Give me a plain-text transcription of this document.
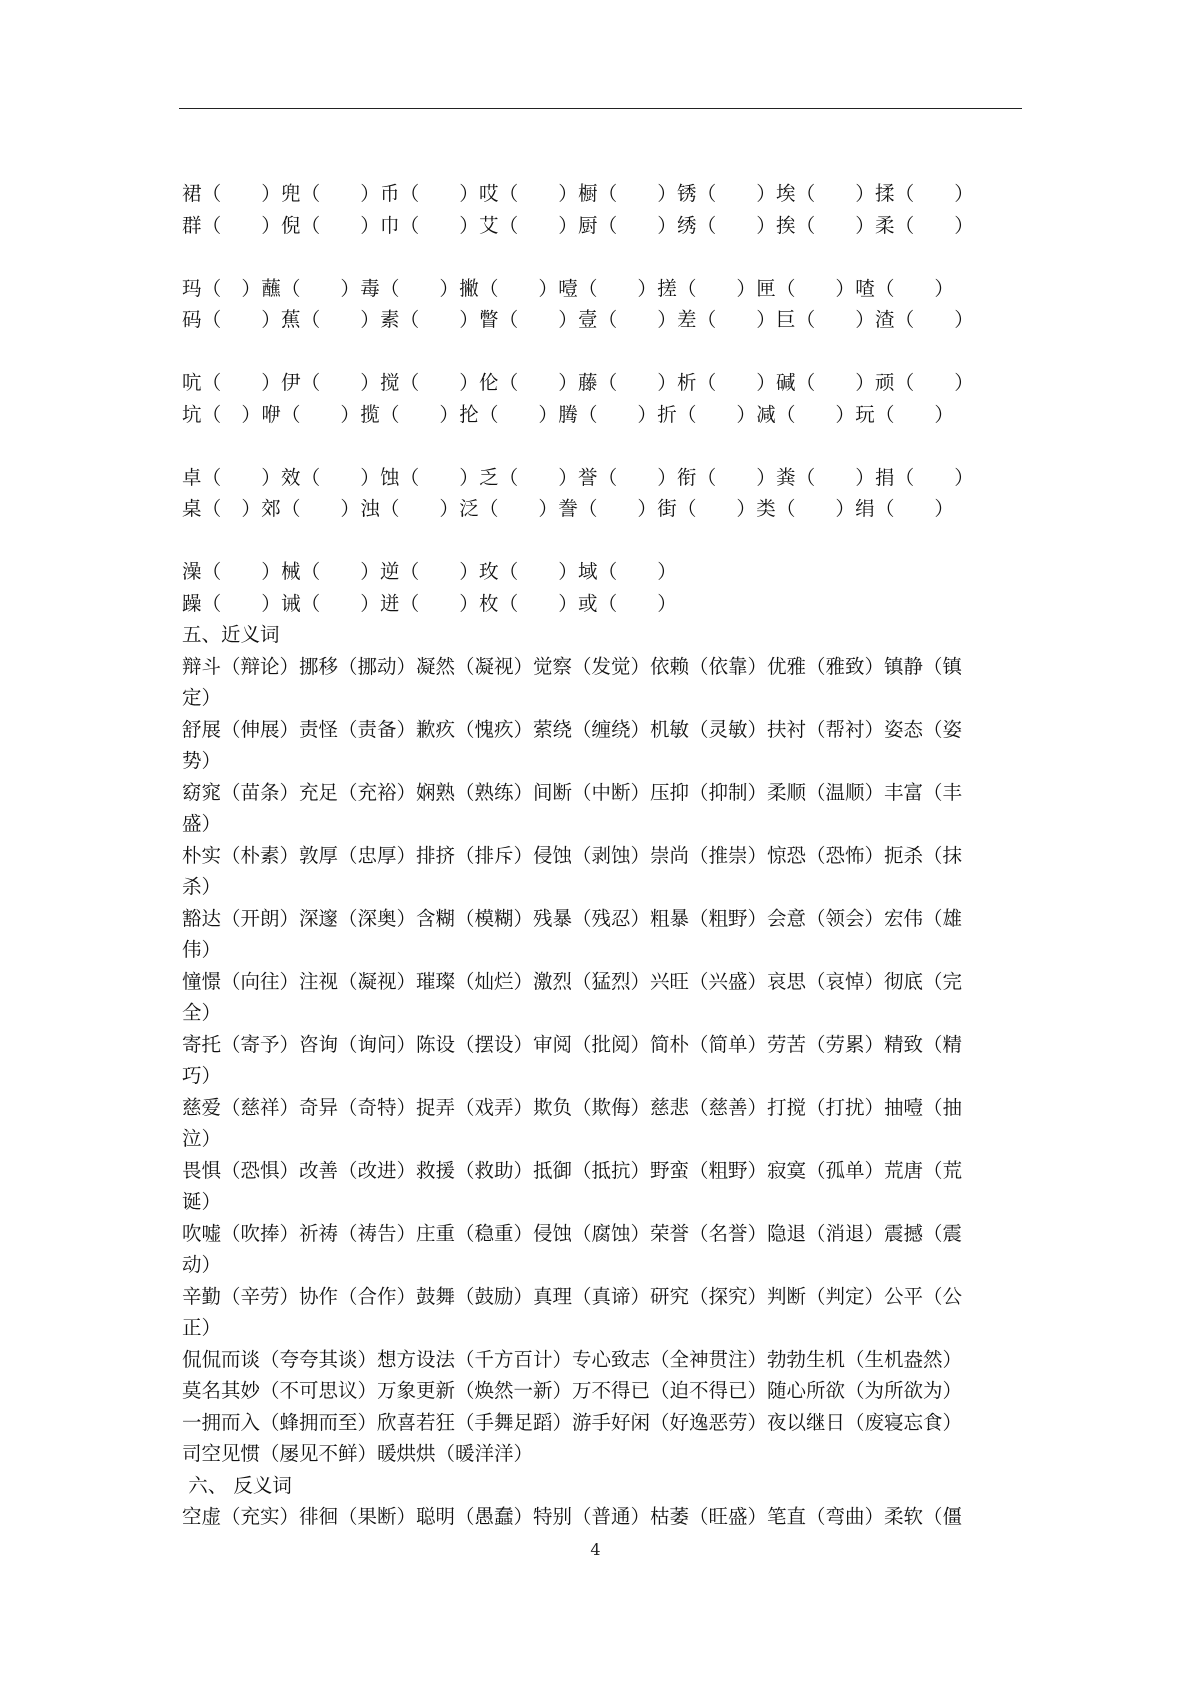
裙（　　）兜（　　）币（　　）哎（　　）橱（　　）锈（　　）埃（　　）揉（　　）
群（　　）倪（　　）巾（　　）艾（　　）厨（　　）绣（　　）挨（　　）柔（　　）
玛（　）蘸（　　）毒（　　）撇（　　）噎（　　）搓（　　）匣（　　）喳（　　）
码（　　）蕉（　　）素（　　）瞥（　　）壹（　　）差（　　）巨（　　）渣（　　）
吭（　　）伊（　　）搅（　　）伦（　　）藤（　　）析（　　）碱（　　）顽（　　）
坑（　）咿（　　）揽（　　）抡（　　）腾（　　）折（　　）减（　　）玩（　　）
卓（　　）效（　　）蚀（　　）乏（　　）誉（　　）衔（　　）粪（　　）捐（　　）
桌（　）郊（　　）浊（　　）泛（　　）誊（　　）街（　　）类（　　）绢（　　）
澡（　　）械（　　）逆（　　）玫（　　）域（　　）
躁（　　）诫（　　）迸（　　）枚（　　）或（　　）
五、近义词
辩斗（辩论）挪移（挪动）凝然（凝视）觉察（发觉）依赖（依靠）优雅（雅致）镇静（镇
定）
舒展（伸展）责怪（责备）歉疚（愧疚）萦绕（缠绕）机敏（灵敏）扶衬（帮衬）姿态（姿
势）
窈窕（苗条）充足（充裕）娴熟（熟练）间断（中断）压抑（抑制）柔顺（温顺）丰富（丰
盛）
朴实（朴素）敦厚（忠厚）排挤（排斥）侵蚀（剥蚀）崇尚（推崇）惊恐（恐怖）扼杀（抹
杀）
豁达（开朗）深邃（深奥）含糊（模糊）残暴（残忍）粗暴（粗野）会意（领会）宏伟（雄
伟）
憧憬（向往）注视（凝视）璀璨（灿烂）激烈（猛烈）兴旺（兴盛）哀思（哀悼）彻底（完
全）
寄托（寄予）咨询（询问）陈设（摆设）审阅（批阅）简朴（简单）劳苦（劳累）精致（精
巧）
慈爱（慈祥）奇异（奇特）捉弄（戏弄）欺负（欺侮）慈悲（慈善）打搅（打扰）抽噎（抽
泣）
畏惧（恐惧）改善（改进）救援（救助）抵御（抵抗）野蛮（粗野）寂寞（孤单）荒唐（荒
诞）
吹嘘（吹捧）祈祷（祷告）庄重（稳重）侵蚀（腐蚀）荣誉（名誉）隐退（消退）震撼（震
动）
辛勤（辛劳）协作（合作）鼓舞（鼓励）真理（真谛）研究（探究）判断（判定）公平（公
正）
侃侃而谈（夸夸其谈）想方设法（千方百计）专心致志（全神贯注）勃勃生机（生机盎然）
莫名其妙（不可思议）万象更新（焕然一新）万不得已（迫不得已）随心所欲（为所欲为）
一拥而入（蜂拥而至）欣喜若狂（手舞足蹈）游手好闲（好逸恶劳）夜以继日（废寝忘食）
司空见惯（屡见不鲜）暖烘烘（暖洋洋）
六、 反义词
空虚（充实）徘徊（果断）聪明（愚蠢）特别（普通）枯萎（旺盛）笔直（弯曲）柔软（僵
4
